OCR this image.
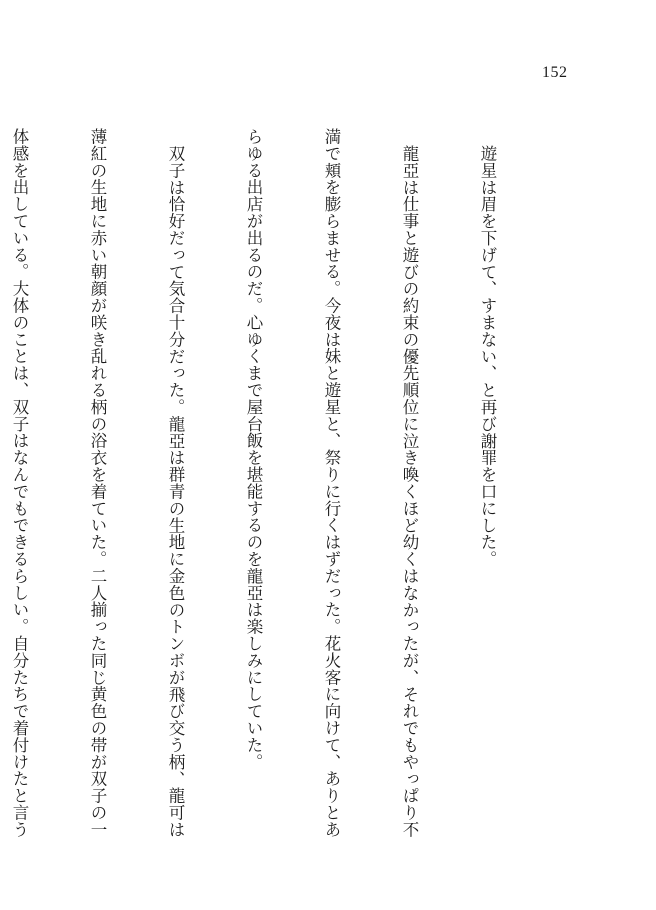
152

遊星は眉を下げて、すまない、と再び謝罪を口にした。

龍亞は仕事と遊びの約束の優先順位に泣き喚くほど幼くはなかったが、それでもやっぱり不

満で頬を膨らませる。今夜は妹と遊星と、祭りに行くはずだった。花火客に向けて、ありとあ

らゆる出店が出るのだ。心ゆくまで屋台飯を堪能するのを龍亞は楽しみにしていた。

双子は恰好だって気合十分だった。龍亞は群青の生地に金色のトンボが飛び交う柄、龍可は

薄紅の生地に赤い朝顔が咲き乱れる柄の浴衣を着ていた。二人揃った同じ黄色の帯が双子の一

体感を出している。大体のことは、双子はなんでもできるらしい。自分たちで着付けたと言う
